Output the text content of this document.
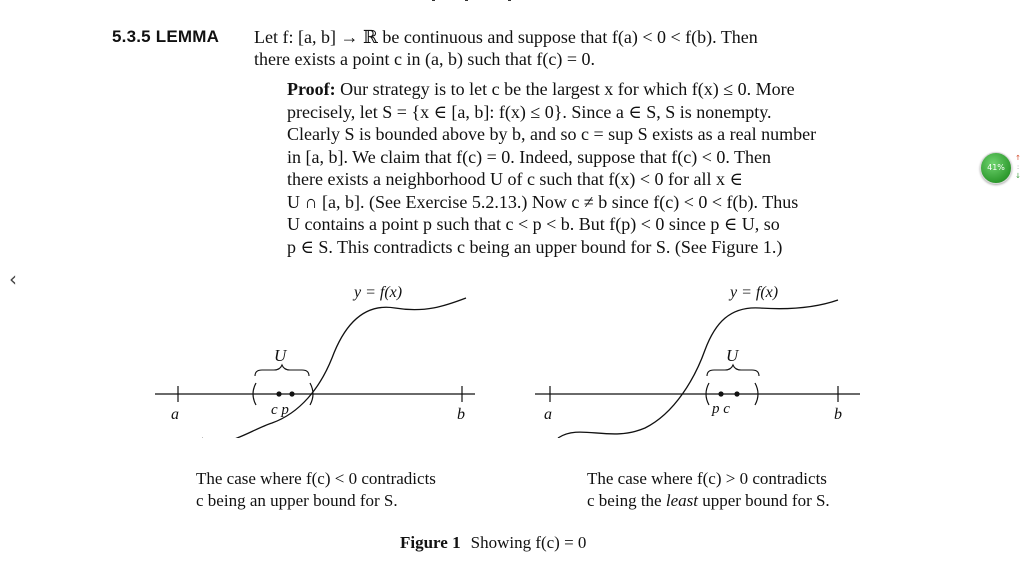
5.3.5 LEMMA Let f: [a, b] → ℝ be continuous and suppose that f(a) < 0 < f(b). Then
there exists a point c in (a, b) such that f(c) = 0.
Proof: Our strategy is to let c be the largest x for which f(x) ≤ 0. More
precisely, let S = {x ∈ [a, b]: f(x) ≤ 0}. Since a ∈ S, S is nonempty.
Clearly S is bounded above by b, and so c = sup S exists as a real number
in [a, b]. We claim that f(c) = 0. Indeed, suppose that f(c) < 0. Then
there exists a neighborhood U of c such that f(x) < 0 for all x ∈
U ∩ [a, b]. (See Exercise 5.2.13.) Now c ≠ b since f(c) < 0 < f(b). Thus
U contains a point p such that c < p < b. But f(p) < 0 since p ∈ U, so
p ∈ S. This contradicts c being an upper bound for S. (See Figure 1.)
U
y = f(x)
a	b
c p
U
y = f(x)
a	b
p c
The case where f(c) < 0 contradicts
c being an upper bound for S.
The case where f(c) > 0 contradicts
c being the least upper bound for S.
Figure 1 Showing f(c) = 0
‹
41%
↑
:
↓
